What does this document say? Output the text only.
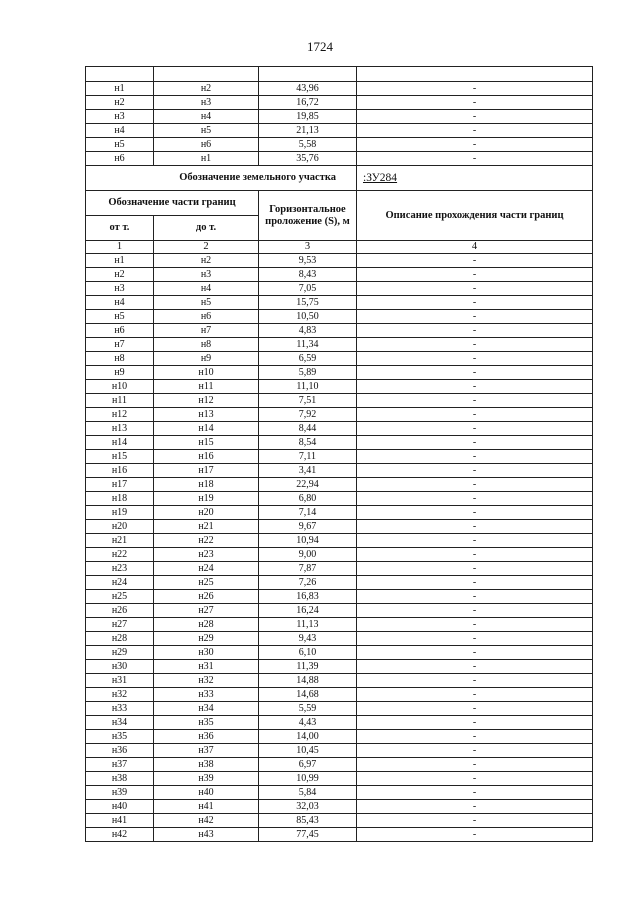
1724

н1	н2	43,96	-
н2	н3	16,72	-
н3	н4	19,85	-
н4	н5	21,13	-
н5	н6	5,58	-
н6	н1	35,76	-
Обозначение земельного участка			:ЗУ284
Обозначение части границ		Горизонтальное проложение (S), м	Описание прохождения части границ
от т.	до т.		
1	2	3	4
н1	н2	9,53	-
н2	н3	8,43	-
н3	н4	7,05	-
н4	н5	15,75	-
н5	н6	10,50	-
н6	н7	4,83	-
н7	н8	11,34	-
н8	н9	6,59	-
н9	н10	5,89	-
н10	н11	11,10	-
н11	н12	7,51	-
н12	н13	7,92	-
н13	н14	8,44	-
н14	н15	8,54	-
н15	н16	7,11	-
н16	н17	3,41	-
н17	н18	22,94	-
н18	н19	6,80	-
н19	н20	7,14	-
н20	н21	9,67	-
н21	н22	10,94	-
н22	н23	9,00	-
н23	н24	7,87	-
н24	н25	7,26	-
н25	н26	16,83	-
н26	н27	16,24	-
н27	н28	11,13	-
н28	н29	9,43	-
н29	н30	6,10	-
н30	н31	11,39	-
н31	н32	14,88	-
н32	н33	14,68	-
н33	н34	5,59	-
н34	н35	4,43	-
н35	н36	14,00	-
н36	н37	10,45	-
н37	н38	6,97	-
н38	н39	10,99	-
н39	н40	5,84	-
н40	н41	32,03	-
н41	н42	85,43	-
н42	н43	77,45	-
